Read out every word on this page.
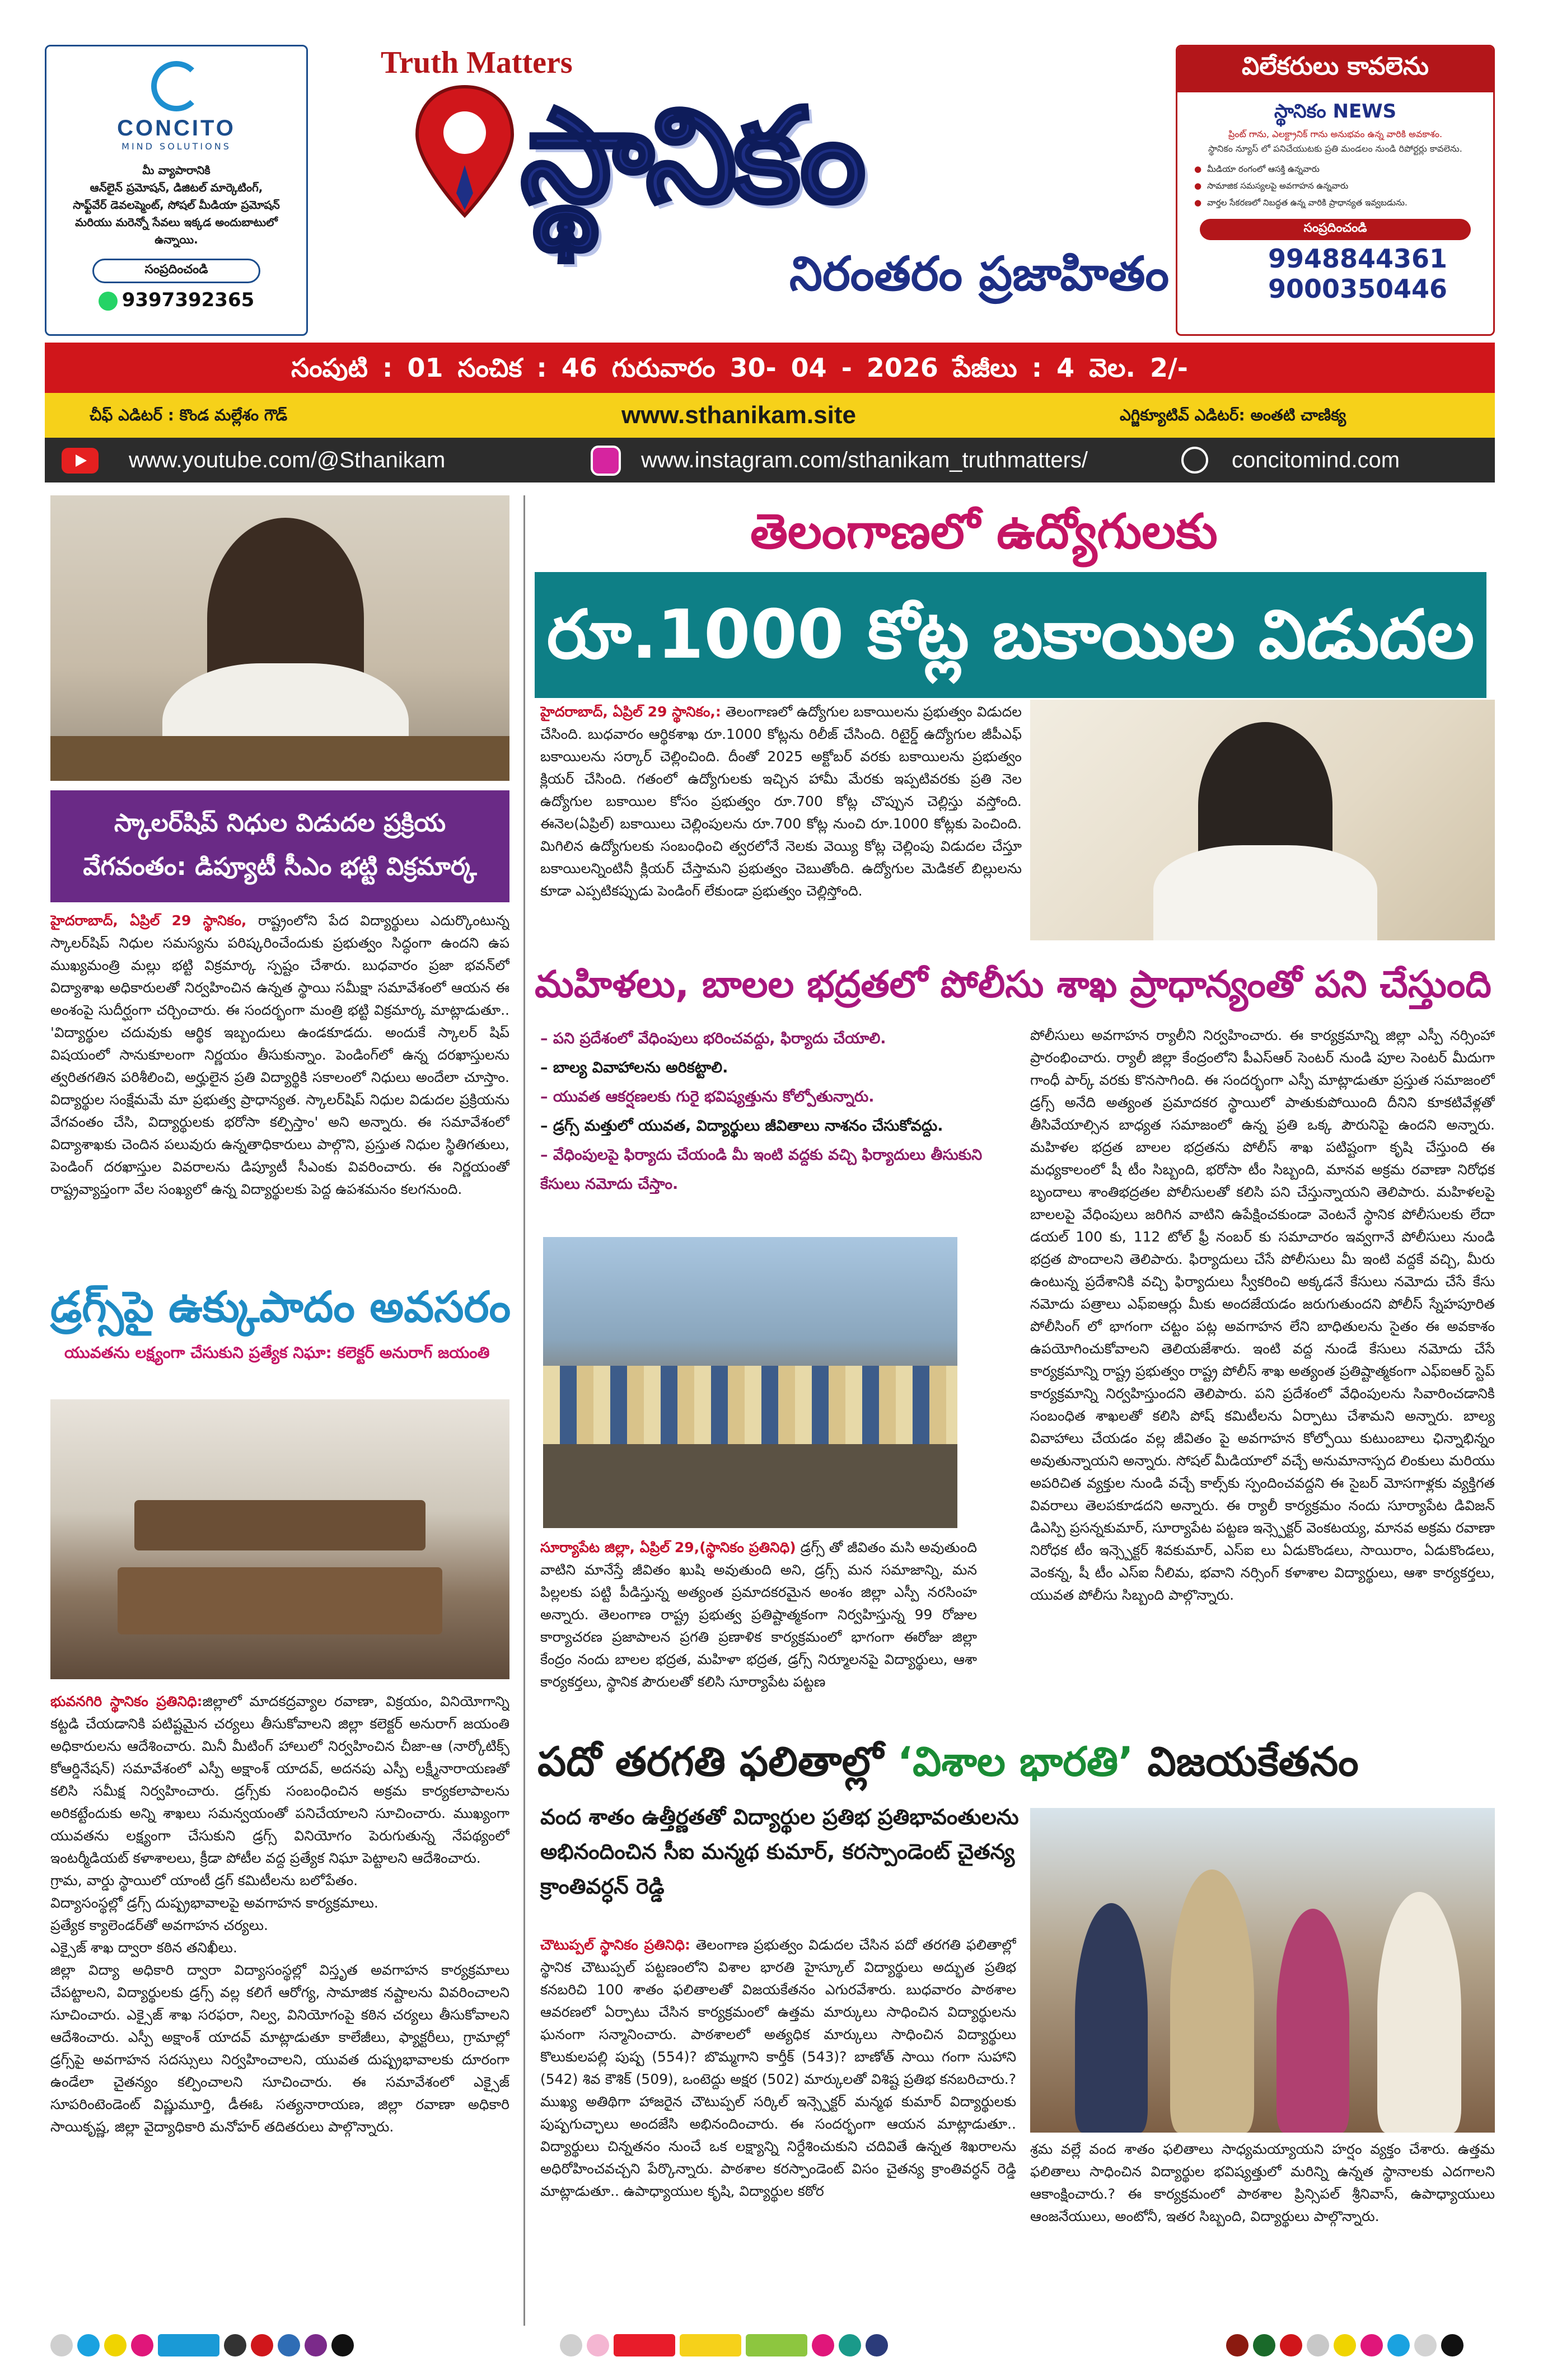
CONCITO
MIND SOLUTIONS
మీ వ్యాపారానికి
ఆన్‌లైన్ ప్రమోషన్, డిజిటల్ మార్కెటింగ్,
సాఫ్ట్‌వేర్ డెవలప్మెంట్, సోషల్ మీడియా ప్రమోషన్
మరియు మరెన్నో సేవలు ఇక్కడ అందుబాటులో ఉన్నాయి.
సంప్రదించండి
9397392365
Truth Matters
స్థానికం
నిరంతరం ప్రజాహితం
విలేకరులు కావలెను
స్థానికం NEWS
ప్రింట్ గాను, ఎలక్ట్రానిక్ గాను అనుభవం ఉన్న వారికి అవకాశం.
స్థానికం న్యూస్ లో పనిచేయుటకు ప్రతి మండలం నుండి రిపోర్టర్లు కావలెను.
● మీడియా రంగంలో ఆసక్తి ఉన్నవారు
● సామాజిక సమస్యలపై అవగాహన ఉన్నవారు
● వార్తల సేకరణలో నిబద్ధత ఉన్న వారికి ప్రాధాన్యత ఇవ్వబడును.
సంప్రదించండి
9948844361
9000350446
సంపుటి : 01 సంచిక : 46 గురువారం 30- 04 - 2026 పేజీలు : 4 వెల. 2/-
చీఫ్ ఎడిటర్ : కొండ మల్లేశం గౌడ్	www.sthanikam.site	ఎగ్జిక్యూటివ్ ఎడిటర్: అంతటి చాణిక్య
www.youtube.com/@Sthanikam	www.instagram.com/sthanikam_truthmatters/	concitomind.com
స్కాలర్‌షిప్ నిధుల విడుదల ప్రక్రియ
వేగవంతం: డిప్యూటీ సీఎం భట్టి విక్రమార్క
హైదరాబాద్, ఏప్రిల్ 29 స్థానికం, రాష్ట్రంలోని పేద విద్యార్థులు ఎదుర్కొంటున్న స్కాలర్‌షిప్ నిధుల సమస్యను పరిష్కరించేందుకు ప్రభుత్వం సిద్ధంగా ఉందని ఉప ముఖ్యమంత్రి మల్లు భట్టి విక్రమార్క స్పష్టం చేశారు. బుధవారం ప్రజా భవన్‌లో విద్యాశాఖ అధికారులతో నిర్వహించిన ఉన్నత స్థాయి సమీక్షా సమావేశంలో ఆయన ఈ అంశంపై సుదీర్ఘంగా చర్చించారు. ఈ సందర్భంగా మంత్రి భట్టి విక్రమార్క మాట్లాడుతూ.. 'విద్యార్థుల చదువుకు ఆర్థిక ఇబ్బందులు ఉండకూడదు. అందుకే స్కాలర్ షిప్ విషయంలో సానుకూలంగా నిర్ణయం తీసుకున్నాం. పెండింగ్‌లో ఉన్న దరఖాస్తులను త్వరితగతిన పరిశీలించి, అర్హులైన ప్రతి విద్యార్థికి సకాలంలో నిధులు అందేలా చూస్తాం. విద్యార్థుల సంక్షేమమే మా ప్రభుత్వ ప్రాధాన్యత. స్కాలర్‌షిప్ నిధుల విడుదల ప్రక్రియను వేగవంతం చేసి, విద్యార్థులకు భరోసా కల్పిస్తాం' అని అన్నారు. ఈ సమావేశంలో విద్యాశాఖకు చెందిన పలువురు ఉన్నతాధికారులు పాల్గొని, ప్రస్తుత నిధుల స్థితిగతులు, పెండింగ్ దరఖాస్తుల వివరాలను డిప్యూటీ సీఎంకు వివరించారు. ఈ నిర్ణయంతో రాష్ట్రవ్యాప్తంగా వేల సంఖ్యలో ఉన్న విద్యార్థులకు పెద్ద ఉపశమనం కలగనుంది.
డ్రగ్స్‌పై ఉక్కుపాదం అవసరం
యువతను లక్ష్యంగా చేసుకుని ప్రత్యేక నిఘా: కలెక్టర్ అనురాగ్ జయంతి
భువనగిరి స్థానికం ప్రతినిధి:జిల్లాలో మాదకద్రవ్యాల రవాణా, విక్రయం, వినియోగాన్ని కట్టడి చేయడానికి పటిష్టమైన చర్యలు తీసుకోవాలని జిల్లా కలెక్టర్ అనురాగ్ జయంతి అధికారులను ఆదేశించారు. మినీ మీటింగ్ హాలులో నిర్వహించిన చీజా-ఆ (నార్కోటిక్స్ కోఆర్డినేషన్) సమావేశంలో ఎస్పీ అక్షాంశ్ యాదవ్, అదనపు ఎస్పీ లక్ష్మీనారాయణతో కలిసి సమీక్ష నిర్వహించారు. డ్రగ్స్‌కు సంబంధించిన అక్రమ కార్యకలాపాలను అరికట్టేందుకు అన్ని శాఖలు సమన్వయంతో పనిచేయాలని సూచించారు. ముఖ్యంగా యువతను లక్ష్యంగా చేసుకుని డ్రగ్స్ వినియోగం పెరుగుతున్న నేపథ్యంలో ఇంటర్మీడియట్ కళాశాలలు, క్రీడా పోటీల వద్ద ప్రత్యేక నిఘా పెట్టాలని ఆదేశించారు.
గ్రామ, వార్డు స్థాయిలో యాంటీ డ్రగ్ కమిటీలను బలోపేతం.
విద్యాసంస్థల్లో డ్రగ్స్ దుష్ప్రభావాలపై అవగాహన కార్యక్రమాలు.
ప్రత్యేక క్యాలెండర్‌తో అవగాహన చర్యలు.
ఎక్సైజ్ శాఖ ద్వారా కఠిన తనిఖీలు.
జిల్లా విద్యా అధికారి ద్వారా విద్యాసంస్థల్లో విస్తృత అవగాహన కార్యక్రమాలు చేపట్టాలని, విద్యార్థులకు డ్రగ్స్ వల్ల కలిగే ఆరోగ్య, సామాజిక నష్టాలను వివరించాలని సూచించారు. ఎక్సైజ్ శాఖ సరఫరా, నిల్వ, వినియోగంపై కఠిన చర్యలు తీసుకోవాలని ఆదేశించారు. ఎస్పీ అక్షాంశ్ యాదవ్ మాట్లాడుతూ కాలేజీలు, ఫ్యాక్టరీలు, గ్రామాల్లో డ్రగ్స్‌పై అవగాహన సదస్సులు నిర్వహించాలని, యువత దుష్ప్రభావాలకు దూరంగా ఉండేలా చైతన్యం కల్పించాలని సూచించారు. ఈ సమావేశంలో ఎక్సైజ్ సూపరింటెండెంట్ విష్ణుమూర్తి, డీఈఓ సత్యనారాయణ, జిల్లా రవాణా అధికారి సాయికృష్ణ, జిల్లా వైద్యాధికారి మనోహర్ తదితరులు పాల్గొన్నారు.
తెలంగాణలో ఉద్యోగులకు
రూ.1000 కోట్ల బకాయిల విడుదల
హైదరాబాద్, ఏప్రిల్ 29 స్థానికం,: తెలంగాణలో ఉద్యోగుల బకాయిలను ప్రభుత్వం విడుదల చేసింది. బుధవారం ఆర్థికశాఖ రూ.1000 కోట్లను రిలీజ్ చేసింది. రిటైర్డ్ ఉద్యోగుల జీపీఎఫ్ బకాయిలను సర్కార్ చెల్లించింది. దీంతో 2025 అక్టోబర్ వరకు బకాయిలను ప్రభుత్వం క్లియర్ చేసింది. గతంలో ఉద్యోగులకు ఇచ్చిన హామీ మేరకు ఇప్పటివరకు ప్రతి నెల ఉద్యోగుల బకాయిల కోసం ప్రభుత్వం రూ.700 కోట్ల చొప్పున చెల్లిస్తు వస్తోంది. ఈనెల(ఏప్రిల్) బకాయిలు చెల్లింపులను రూ.700 కోట్ల నుంచి రూ.1000 కోట్లకు పెంచింది. మిగిలిన ఉద్యోగులకు సంబంధించి త్వరలోనే నెలకు వెయ్యి కోట్ల చెల్లింపు విడుదల చేస్తూ బకాయిలన్నింటినీ క్లియర్ చేస్తామని ప్రభుత్వం చెబుతోంది. ఉద్యోగుల మెడికల్ బిల్లులను కూడా ఎప్పటికప్పుడు పెండింగ్ లేకుండా ప్రభుత్వం చెల్లిస్తోంది.
మహిళలు, బాలల భద్రతలో పోలీసు శాఖ ప్రాధాన్యంతో పని చేస్తుంది
– పని ప్రదేశంలో వేధింపులు భరించవద్దు, ఫిర్యాదు చేయాలి.
– బాల్య వివాహాలను అరికట్టాలి.
– యువత ఆకర్షణలకు గురై భవిష్యత్తును కోల్పోతున్నారు.
– డ్రగ్స్ మత్తులో యువత, విద్యార్థులు జీవితాలు నాశనం చేసుకోవద్దు.
– వేధింపులపై ఫిర్యాదు చేయండి మీ ఇంటి వద్దకు వచ్చి ఫిర్యాదులు తీసుకుని కేసులు నమోదు చేస్తాం.
సూర్యాపేట జిల్లా, ఏప్రిల్ 29,(స్థానికం ప్రతినిధి) డ్రగ్స్ తో జీవితం మసి అవుతుంది వాటిని మానేస్తే జీవితం ఖుషి అవుతుంది అని, డ్రగ్స్ మన సమాజాన్ని, మన పిల్లలకు పట్టి పీడిస్తున్న అత్యంత ప్రమాదకరమైన అంశం జిల్లా ఎస్పీ నరసింహ అన్నారు. తెలంగాణ రాష్ట్ర ప్రభుత్వ ప్రతిష్టాత్మకంగా నిర్వహిస్తున్న 99 రోజుల కార్యాచరణ ప్రజాపాలన ప్రగతి ప్రణాళిక కార్యక్రమంలో భాగంగా ఈరోజు జిల్లా కేంద్రం నందు బాలల భద్రత, మహిళా భద్రత, డ్రగ్స్ నిర్మూలనపై విద్యార్థులు, ఆశా కార్యకర్తలు, స్థానిక పౌరులతో కలిసి సూర్యాపేట పట్టణ
పోలీసులు అవగాహన ర్యాలీని నిర్వహించారు. ఈ కార్యక్రమాన్ని జిల్లా ఎస్పీ నర్సింహా ప్రారంభించారు. ర్యాలీ జిల్లా కేంద్రంలోని పీఎస్ఆర్ సెంటర్ నుండి పూల సెంటర్ మీదుగా గాంధీ పార్క్ వరకు కొనసాగింది. ఈ సందర్భంగా ఎస్పీ మాట్లాడుతూ ప్రస్తుత సమాజంలో డ్రగ్స్ అనేది అత్యంత ప్రమాదకర స్థాయిలో పాతుకుపోయింది దీనిని కూకటివేళ్లతో తీసివేయాల్సిన బాధ్యత సమాజంలో ఉన్న ప్రతి ఒక్క పౌరునిపై ఉందని అన్నారు. మహిళల భద్రత బాలల భద్రతను పోలీస్ శాఖ పటిష్టంగా కృషి చేస్తుంది ఈ మధ్యకాలంలో షీ టీం సిబ్బంది, భరోసా టీం సిబ్బంది, మానవ అక్రమ రవాణా నిరోధక బృందాలు శాంతిభద్రతల పోలీసులతో కలిసి పని చేస్తున్నాయని తెలిపారు. మహిళలపై బాలలపై వేధింపులు జరిగిన వాటిని ఉపేక్షించకుండా వెంటనే స్థానిక పోలీసులకు లేదా డయల్ 100 కు, 112 టోల్ ఫ్రీ నంబర్ కు సమాచారం ఇవ్వగానే పోలీసులు నుండి భద్రత పొందాలని తెలిపారు. ఫిర్యాదులు చేసే పోలీసులు మీ ఇంటి వద్దకే వచ్చి, మీరు ఉంటున్న ప్రదేశానికి వచ్చి ఫిర్యాదులు స్వీకరించి అక్కడనే కేసులు నమోదు చేసే కేసు నమోదు పత్రాలు ఎఫ్ఐఆర్లు మీకు అందజేయడం జరుగుతుందని పోలీస్ స్నేహపూరిత పోలీసింగ్ లో భాగంగా చట్టం పట్ల అవగాహన లేని బాధితులను సైతం ఈ అవకాశం ఉపయోగించుకోవాలని తెలియజేశారు. ఇంటి వద్ద నుండే కేసులు నమోదు చేసే కార్యక్రమాన్ని రాష్ట్ర ప్రభుత్వం రాష్ట్ర పోలీస్ శాఖ అత్యంత ప్రతిష్టాత్మకంగా ఎఫ్ఐఆర్ స్టెప్ కార్యక్రమాన్ని నిర్వహిస్తుందని తెలిపారు. పని ప్రదేశంలో వేధింపులను సివారించడానికి సంబంధిత శాఖలతో కలిసి పోష్ కమిటీలను ఏర్పాటు చేశామని అన్నారు. బాల్య వివాహాలు చేయడం వల్ల జీవితం పై అవగాహన కోల్పోయి కుటుంబాలు ఛిన్నాభిన్నం అవుతున్నాయని అన్నారు. సోషల్ మీడియాలో వచ్చే అనుమానాస్పద లింకులు మరియు అపరిచిత వ్యక్తుల నుండి వచ్చే కాల్స్‌కు స్పందించవద్దని ఈ సైబర్ మోసగాళ్లకు వ్యక్తిగత వివరాలు తెలపకూడదని అన్నారు. ఈ ర్యాలీ కార్యక్రమం నందు సూర్యాపేట డివిజన్ డిఎస్పి ప్రసన్నకుమార్, సూర్యాపేట పట్టణ ఇన్స్పెక్టర్ వెంకటయ్య, మానవ అక్రమ రవాణా నిరోధక టీం ఇన్స్పెక్టర్ శివకుమార్, ఎస్ఐ లు ఏడుకొండలు, సాయిరాం, ఏడుకొండలు, వెంకన్న, షీ టీం ఎస్ఐ నీలిమ, భవాని నర్సింగ్ కళాశాల విద్యార్థులు, ఆశా కార్యకర్తలు, యువత పోలీసు సిబ్బంది పాల్గొన్నారు.
పదో తరగతి ఫలితాల్లో ‘విశాల భారతి’ విజయకేతనం
వంద శాతం ఉత్తీర్ణతతో విద్యార్థుల ప్రతిభ ప్రతిభావంతులను అభినందించిన సీఐ మన్మథ కుమార్, కరస్పాండెంట్ చైతన్య క్రాంతివర్ధన్ రెడ్డి
చౌటుప్పల్ స్థానికం ప్రతినిధి: తెలంగాణ ప్రభుత్వం విడుదల చేసిన పదో తరగతి ఫలితాల్లో స్థానిక చౌటుప్పల్ పట్టణంలోని విశాల భారతి హైస్కూల్ విద్యార్థులు అద్భుత ప్రతిభ కనబరిచి 100 శాతం ఫలితాలతో విజయకేతనం ఎగురవేశారు. బుధవారం పాఠశాల ఆవరణలో ఏర్పాటు చేసిన కార్యక్రమంలో ఉత్తమ మార్కులు సాధించిన విద్యార్థులను ఘనంగా సన్మానించారు. పాఠశాలలో అత్యధిక మార్కులు సాధించిన విద్యార్థులు కొలుకులపల్లి పుష్ప (554)? బొమ్మగాని కార్తీక్ (543)? బాణోత్ సాయి గంగా సుహాని (542) శివ కౌశిక్ (509), ఒంటెద్దు అక్షర (502) మార్కులతో విశిష్ట ప్రతిభ కనబరిచారు.? ముఖ్య అతిథిగా హాజరైన చౌటుప్పల్ సర్కిల్ ఇన్స్పెక్టర్ మన్మథ కుమార్ విద్యార్థులకు పుష్పగుచ్ఛాలు అందజేసి అభినందించారు. ఈ సందర్భంగా ఆయన మాట్లాడుతూ.. విద్యార్థులు చిన్నతనం నుంచే ఒక లక్ష్యాన్ని నిర్దేశించుకుని చదివితే ఉన్నత శిఖరాలను అధిరోహించవచ్చని పేర్కొన్నారు. పాఠశాల కరస్పాండెంట్ విసం చైతన్య క్రాంతివర్ధన్ రెడ్డి మాట్లాడుతూ.. ఉపాధ్యాయుల కృషి, విద్యార్థుల కఠోర
శ్రమ వల్లే వంద శాతం ఫలితాలు సాధ్యమయ్యాయని హర్షం వ్యక్తం చేశారు. ఉత్తమ ఫలితాలు సాధించిన విద్యార్థుల భవిష్యత్తులో మరిన్ని ఉన్నత స్థానాలకు ఎదగాలని ఆకాంక్షించారు.? ఈ కార్యక్రమంలో పాఠశాల ప్రిన్సిపల్ శ్రీనివాస్, ఉపాధ్యాయులు ఆంజనేయులు, అంటోనీ, ఇతర సిబ్బంది, విద్యార్థులు పాల్గొన్నారు.
